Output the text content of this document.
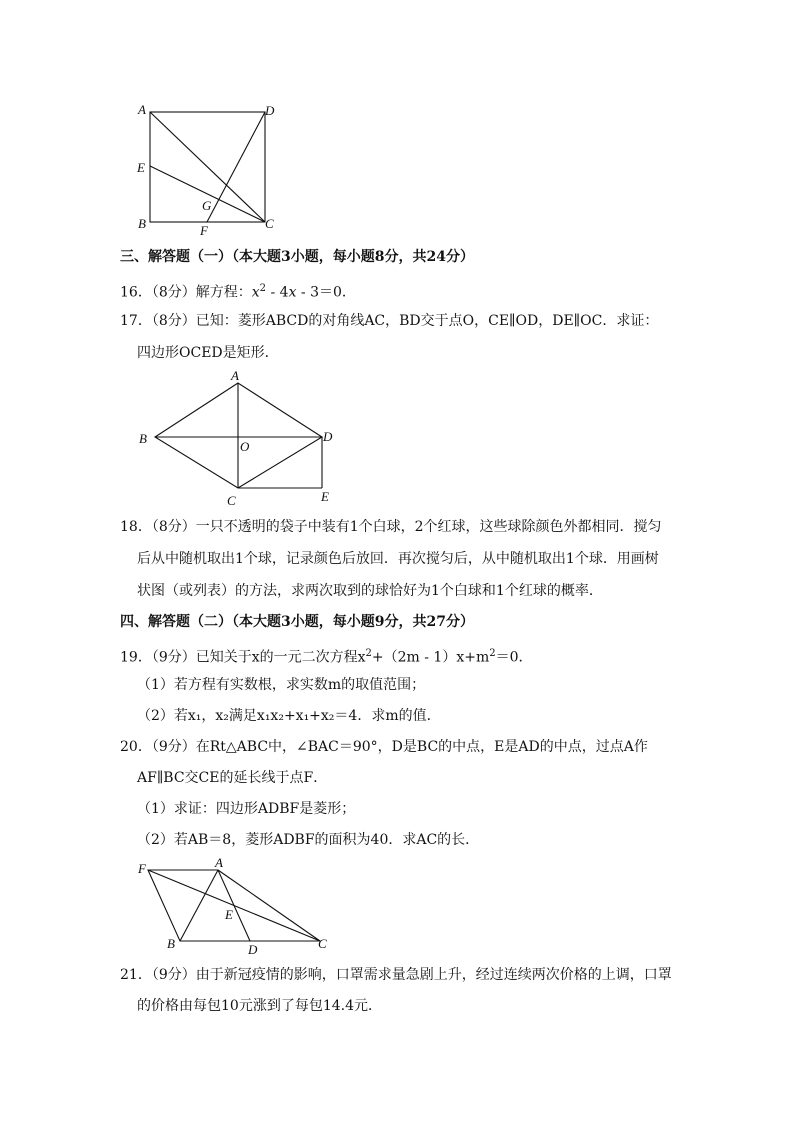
A	D
E
G
B	C
F
三、解答题（一）（本大题3小题，每小题8分，共24分）
16．（8分）解方程：$x^2 - 4x - 3=0$．
17．（8分）已知：菱形ABCD的对角线AC，BD交于点O，CE∥OD，DE∥OC．求证：
四边形OCED是矩形．
A
B
O
D
C	E
18．（8分）一只不透明的袋子中装有1个白球，2个红球，这些球除颜色外都相同．搅匀
后从中随机取出1个球，记录颜色后放回．再次搅匀后，从中随机取出1个球．用画树
状图（或列表）的方法，求两次取到的球恰好为1个白球和1个红球的概率．
四、解答题（二）（本大题3小题，每小题9分，共27分）
19．（9分）已知关于x的一元二次方程$x^2+(2m - 1)x+m^2=0$．
（1）若方程有实数根，求实数m的取值范围；
（2）若x₁，x₂满足x₁x₂+x₁+x₂＝4．求m的值．
20．（9分）在Rt△ABC中，∠BAC＝90°，D是BC的中点，E是AD的中点，过点A作
AF∥BC交CE的延长线于点F．
（1）求证：四边形ADBF是菱形；
（2）若AB＝8，菱形ADBF的面积为40．求AC的长．
F	A
E
B	D	C
21．（9分）由于新冠疫情的影响，口罩需求量急剧上升，经过连续两次价格的上调，口罩
的价格由每包10元涨到了每包14.4元．
